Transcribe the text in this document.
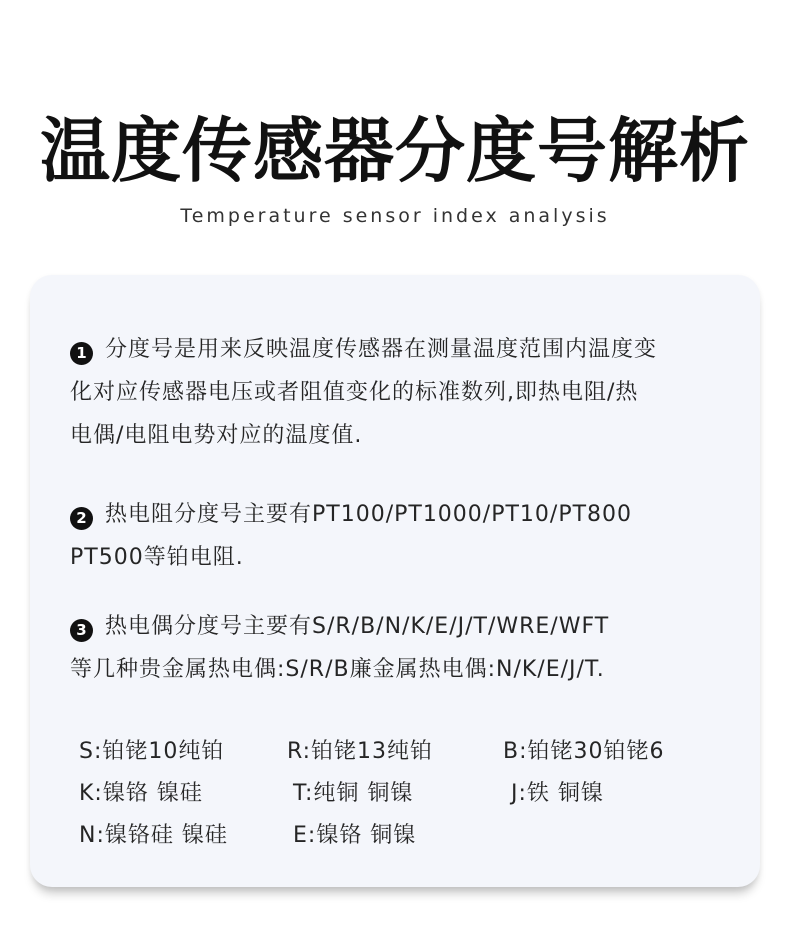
温度传感器分度号解析
Temperature sensor index analysis
1 分度号是用来反映温度传感器在测量温度范围内温度变
化对应传感器电压或者阻值变化的标准数列,即热电阻/热
电偶/电阻电势对应的温度值.
2 热电阻分度号主要有PT100/PT1000/PT10/PT800
PT500等铂电阻.
3 热电偶分度号主要有S/R/B/N/K/E/J/T/WRE/WFT
等几种贵金属热电偶:S/R/B廉金属热电偶:N/K/E/J/T.
S:铂铑10纯铂	R:铂铑13纯铂	B:铂铑30铂铑6
K:镍铬 镍硅	T:纯铜 铜镍	J:铁 铜镍
N:镍铬硅 镍硅	E:镍铬 铜镍
